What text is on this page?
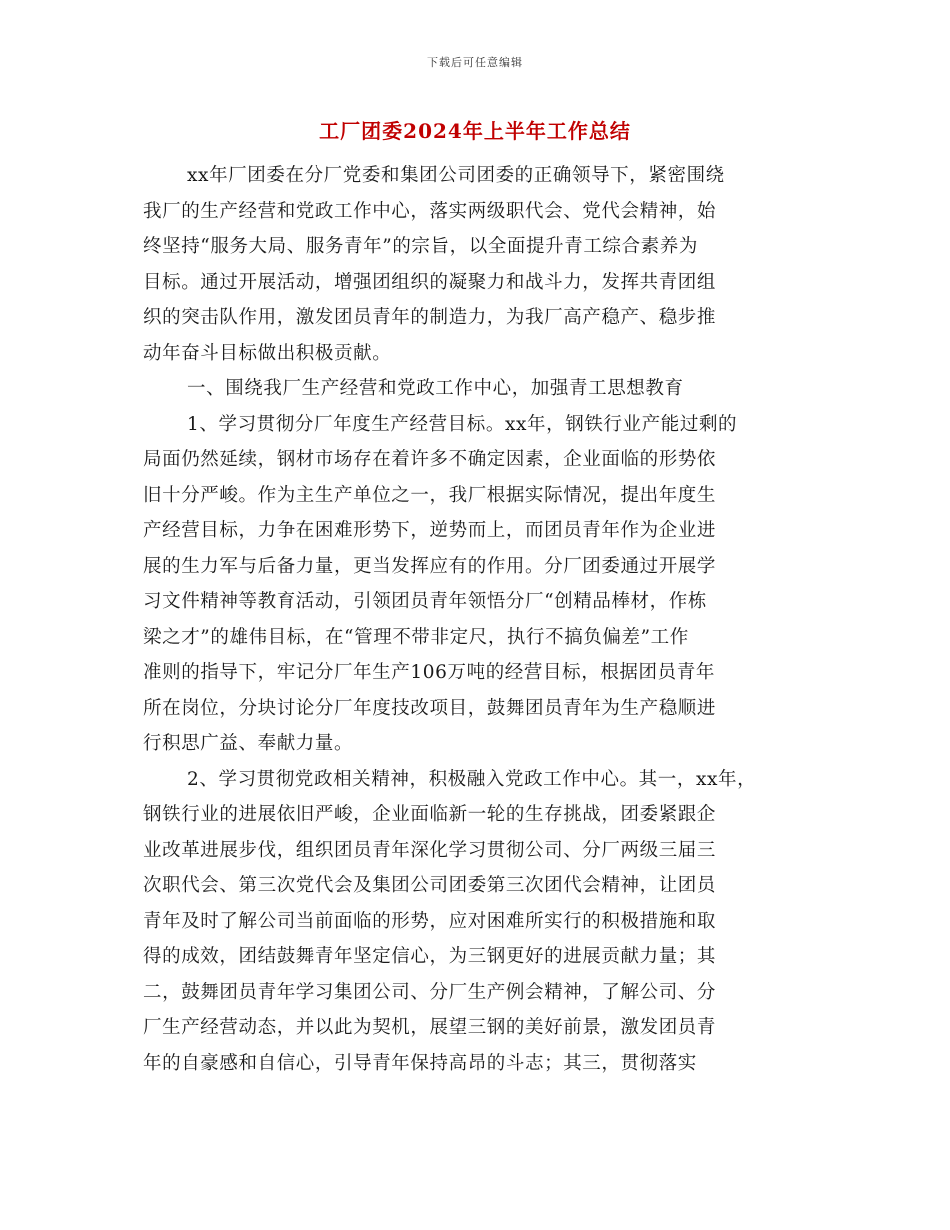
下载后可任意编辑
工厂团委2024年上半年工作总结
xx年厂团委在分厂党委和集团公司团委的正确领导下，紧密围绕
我厂的生产经营和党政工作中心，落实两级职代会、党代会精神，始
终坚持“服务大局、服务青年”的宗旨，以全面提升青工综合素养为
目标。通过开展活动，增强团组织的凝聚力和战斗力，发挥共青团组
织的突击队作用，激发团员青年的制造力，为我厂高产稳产、稳步推
动年奋斗目标做出积极贡献。
一、围绕我厂生产经营和党政工作中心，加强青工思想教育
1、学习贯彻分厂年度生产经营目标。xx年，钢铁行业产能过剩的
局面仍然延续，钢材市场存在着许多不确定因素，企业面临的形势依
旧十分严峻。作为主生产单位之一，我厂根据实际情况，提出年度生
产经营目标，力争在困难形势下，逆势而上，而团员青年作为企业进
展的生力军与后备力量，更当发挥应有的作用。分厂团委通过开展学
习文件精神等教育活动，引领团员青年领悟分厂“创精品棒材，作栋
梁之才”的雄伟目标，在“管理不带非定尺，执行不搞负偏差”工作
准则的指导下，牢记分厂年生产106万吨的经营目标，根据团员青年
所在岗位，分块讨论分厂年度技改项目，鼓舞团员青年为生产稳顺进
行积思广益、奉献力量。
2、学习贯彻党政相关精神，积极融入党政工作中心。其一，xx年，
钢铁行业的进展依旧严峻，企业面临新一轮的生存挑战，团委紧跟企
业改革进展步伐，组织团员青年深化学习贯彻公司、分厂两级三届三
次职代会、第三次党代会及集团公司团委第三次团代会精神，让团员
青年及时了解公司当前面临的形势，应对困难所实行的积极措施和取
得的成效，团结鼓舞青年坚定信心，为三钢更好的进展贡献力量；其
二，鼓舞团员青年学习集团公司、分厂生产例会精神，了解公司、分
厂生产经营动态，并以此为契机，展望三钢的美好前景，激发团员青
年的自豪感和自信心，引导青年保持高昂的斗志；其三，贯彻落实
